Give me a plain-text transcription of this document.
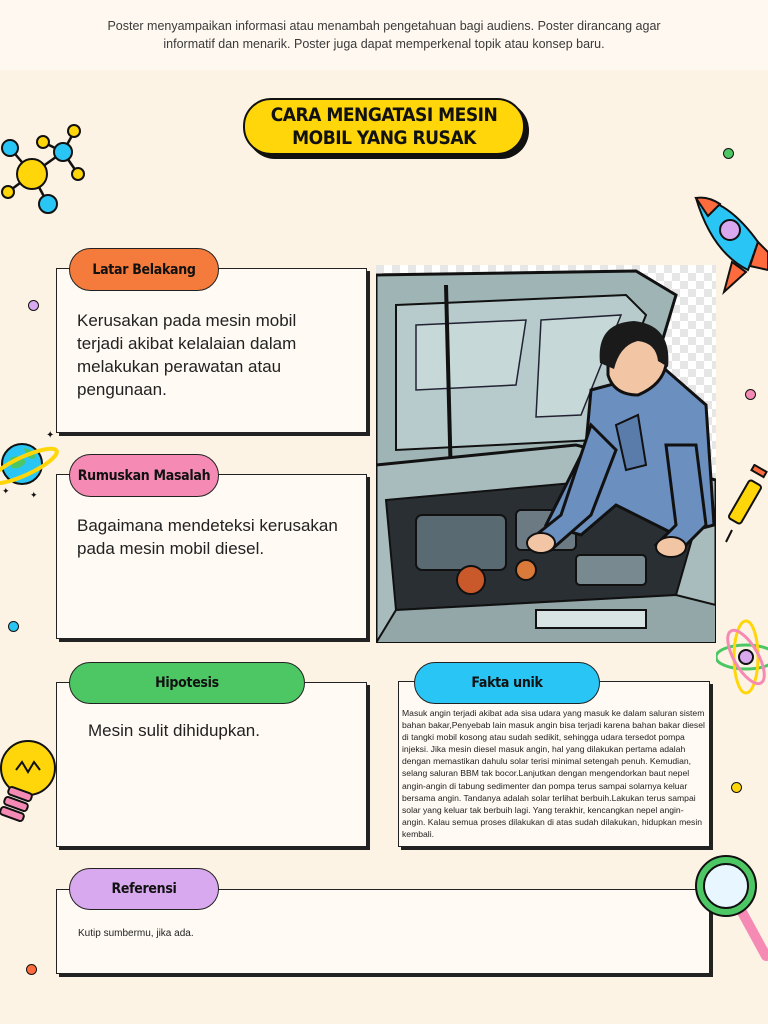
Poster menyampaikan informasi atau menambah pengetahuan bagi audiens. Poster dirancang agar informatif dan menarik. Poster juga dapat memperkenal topik atau konsep baru.

CARA MENGATASI MESIN
MOBIL YANG RUSAK
Kerusakan pada mesin mobil terjadi akibat kelalaian dalam melakukan perawatan atau pengunaan.
Latar Belakang
Bagaimana mendeteksi kerusakan pada mesin mobil diesel.
Rumuskan Masalah
Mesin sulit dihidupkan.
Hipotesis
Masuk angin terjadi akibat ada sisa udara yang masuk ke dalam saluran sistem bahan bakar,Penyebab lain masuk angin bisa terjadi karena bahan bakar diesel di tangki mobil kosong atau sudah sedikit, sehingga udara tersedot pompa injeksi. Jika mesin diesel masuk angin, hal yang dilakukan pertama adalah dengan memastikan dahulu solar terisi minimal setengah penuh. Kemudian, selang saluran BBM tak bocor.Lanjutkan dengan mengendorkan baut nepel angin-angin di tabung sedimenter dan pompa terus sampai solarnya keluar bersama angin. Tandanya adalah solar terlihat berbuih.Lakukan terus sampai solar yang keluar tak berbuih lagi. Yang terakhir, kencangkan nepel angin-angin. Kalau semua proses dilakukan di atas sudah dilakukan, hidupkan mesin kembali.
Fakta unik
Kutip sumbermu, jika ada.
Referensi
✦
✦ ✦
